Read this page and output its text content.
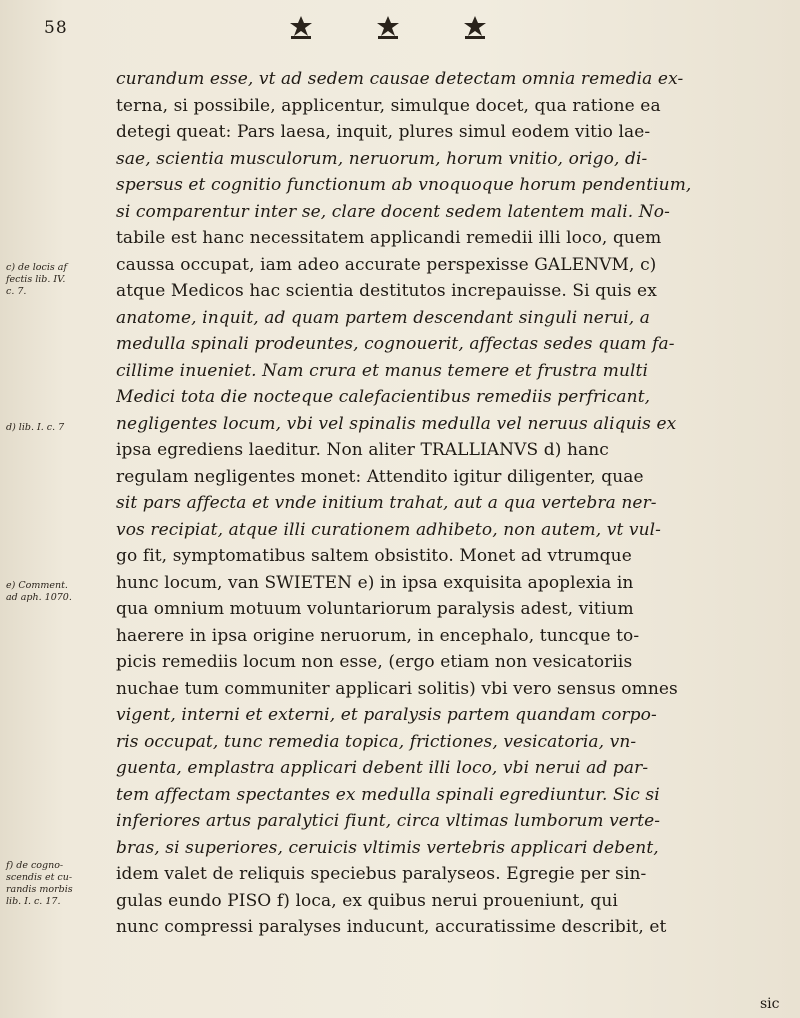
58
c) de locis af
fectis lib. IV.
c. 7.
d) lib. I. c. 7
e) Comment.
ad aph. 1070.
f) de cogno-
scendis et cu-
randis morbis
lib. I. c. 17.
curandum esse, vt ad sedem causae detectam omnia remedia ex-
terna, si possibile, applicentur, simulque docet, qua ratione ea
detegi queat: Pars laesa, inquit, plures simul eodem vitio lae-
sae, scientia musculorum, neruorum, horum vnitio, origo, di-
spersus et cognitio functionum ab vnoquoque horum pendentium,
si comparentur inter se, clare docent sedem latentem mali. No-
tabile est hanc necessitatem applicandi remedii illi loco, quem
caussa occupat, iam adeo accurate perspexisse GALENVM, c)
atque Medicos hac scientia destitutos increpauisse. Si quis ex
anatome, inquit, ad quam partem descendant singuli nerui, a
medulla spinali prodeuntes, cognouerit, affectas sedes quam fa-
cillime inueniet. Nam crura et manus temere et frustra multi
Medici tota die nocteque calefacientibus remediis perfricant,
negligentes locum, vbi vel spinalis medulla vel neruus aliquis ex
ipsa egrediens laeditur. Non aliter TRALLIANVS d) hanc
regulam negligentes monet: Attendito igitur diligenter, quae
sit pars affecta et vnde initium trahat, aut a qua vertebra ner-
vos recipiat, atque illi curationem adhibeto, non autem, vt vul-
go fit, symptomatibus saltem obsistito. Monet ad vtrumque
hunc locum, van SWIETEN e) in ipsa exquisita apoplexia in
qua omnium motuum voluntariorum paralysis adest, vitium
haerere in ipsa origine neruorum, in encephalo, tuncque to-
picis remediis locum non esse, (ergo etiam non vesicatoriis
nuchae tum communiter applicari solitis) vbi vero sensus omnes
vigent, interni et externi, et paralysis partem quandam corpo-
ris occupat, tunc remedia topica, frictiones, vesicatoria, vn-
guenta, emplastra applicari debent illi loco, vbi nerui ad par-
tem affectam spectantes ex medulla spinali egrediuntur. Sic si
inferiores artus paralytici fiunt, circa vltimas lumborum verte-
bras, si superiores, ceruicis vltimis vertebris applicari debent,
idem valet de reliquis speciebus paralyseos. Egregie per sin-
gulas eundo PISO f) loca, ex quibus nerui proueniunt, qui
nunc compressi paralyses inducunt, accuratissime describit, et
sic
